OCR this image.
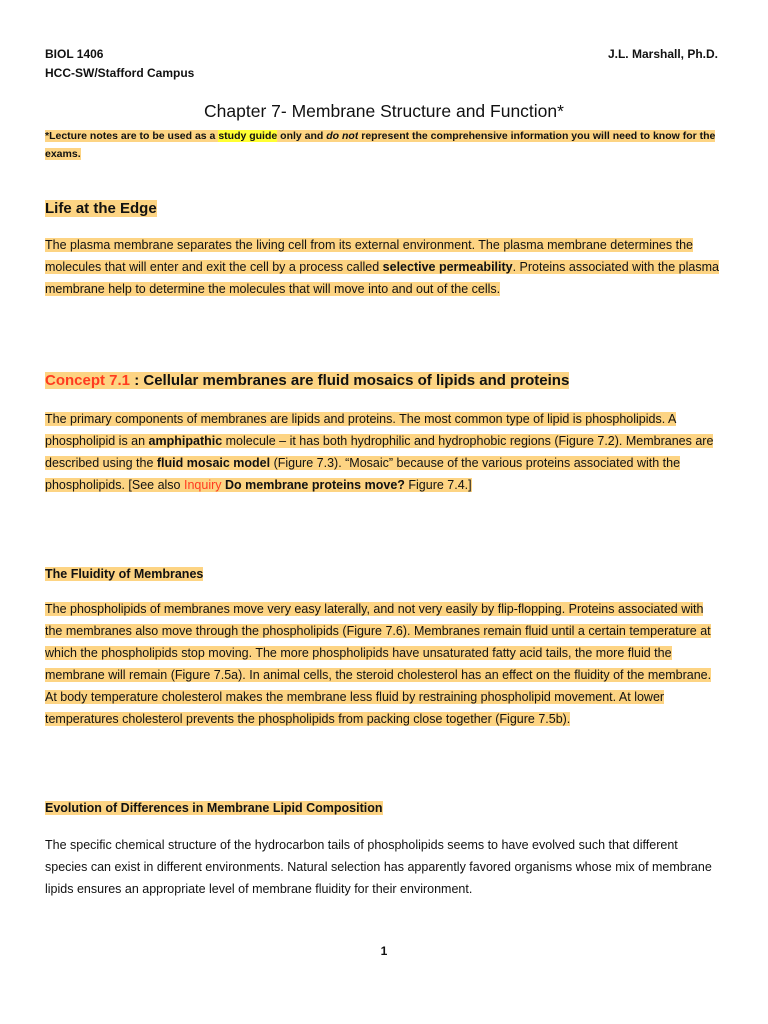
BIOL 1406
HCC-SW/Stafford Campus
J.L. Marshall, Ph.D.
Chapter 7- Membrane Structure and Function*
*Lecture notes are to be used as a study guide only and do not represent the comprehensive information you will need to know for the exams.
Life at the Edge
The plasma membrane separates the living cell from its external environment. The plasma membrane determines the molecules that will enter and exit the cell by a process called selective permeability. Proteins associated with the plasma membrane help to determine the molecules that will move into and out of the cells.
Concept 7.1 : Cellular membranes are fluid mosaics of lipids and proteins
The primary components of membranes are lipids and proteins. The most common type of lipid is phospholipids. A phospholipid is an amphipathic molecule – it has both hydrophilic and hydrophobic regions (Figure 7.2). Membranes are described using the fluid mosaic model (Figure 7.3). “Mosaic” because of the various proteins associated with the phospholipids. [See also Inquiry Do membrane proteins move? Figure 7.4.]
The Fluidity of Membranes
The phospholipids of membranes move very easy laterally, and not very easily by flip-flopping. Proteins associated with the membranes also move through the phospholipids (Figure 7.6). Membranes remain fluid until a certain temperature at which the phospholipids stop moving. The more phospholipids have unsaturated fatty acid tails, the more fluid the membrane will remain (Figure 7.5a). In animal cells, the steroid cholesterol has an effect on the fluidity of the membrane. At body temperature cholesterol makes the membrane less fluid by restraining phospholipid movement. At lower temperatures cholesterol prevents the phospholipids from packing close together (Figure 7.5b).
Evolution of Differences in Membrane Lipid Composition
The specific chemical structure of the hydrocarbon tails of phospholipids seems to have evolved such that different species can exist in different environments. Natural selection has apparently favored organisms whose mix of membrane lipids ensures an appropriate level of membrane fluidity for their environment.
1
